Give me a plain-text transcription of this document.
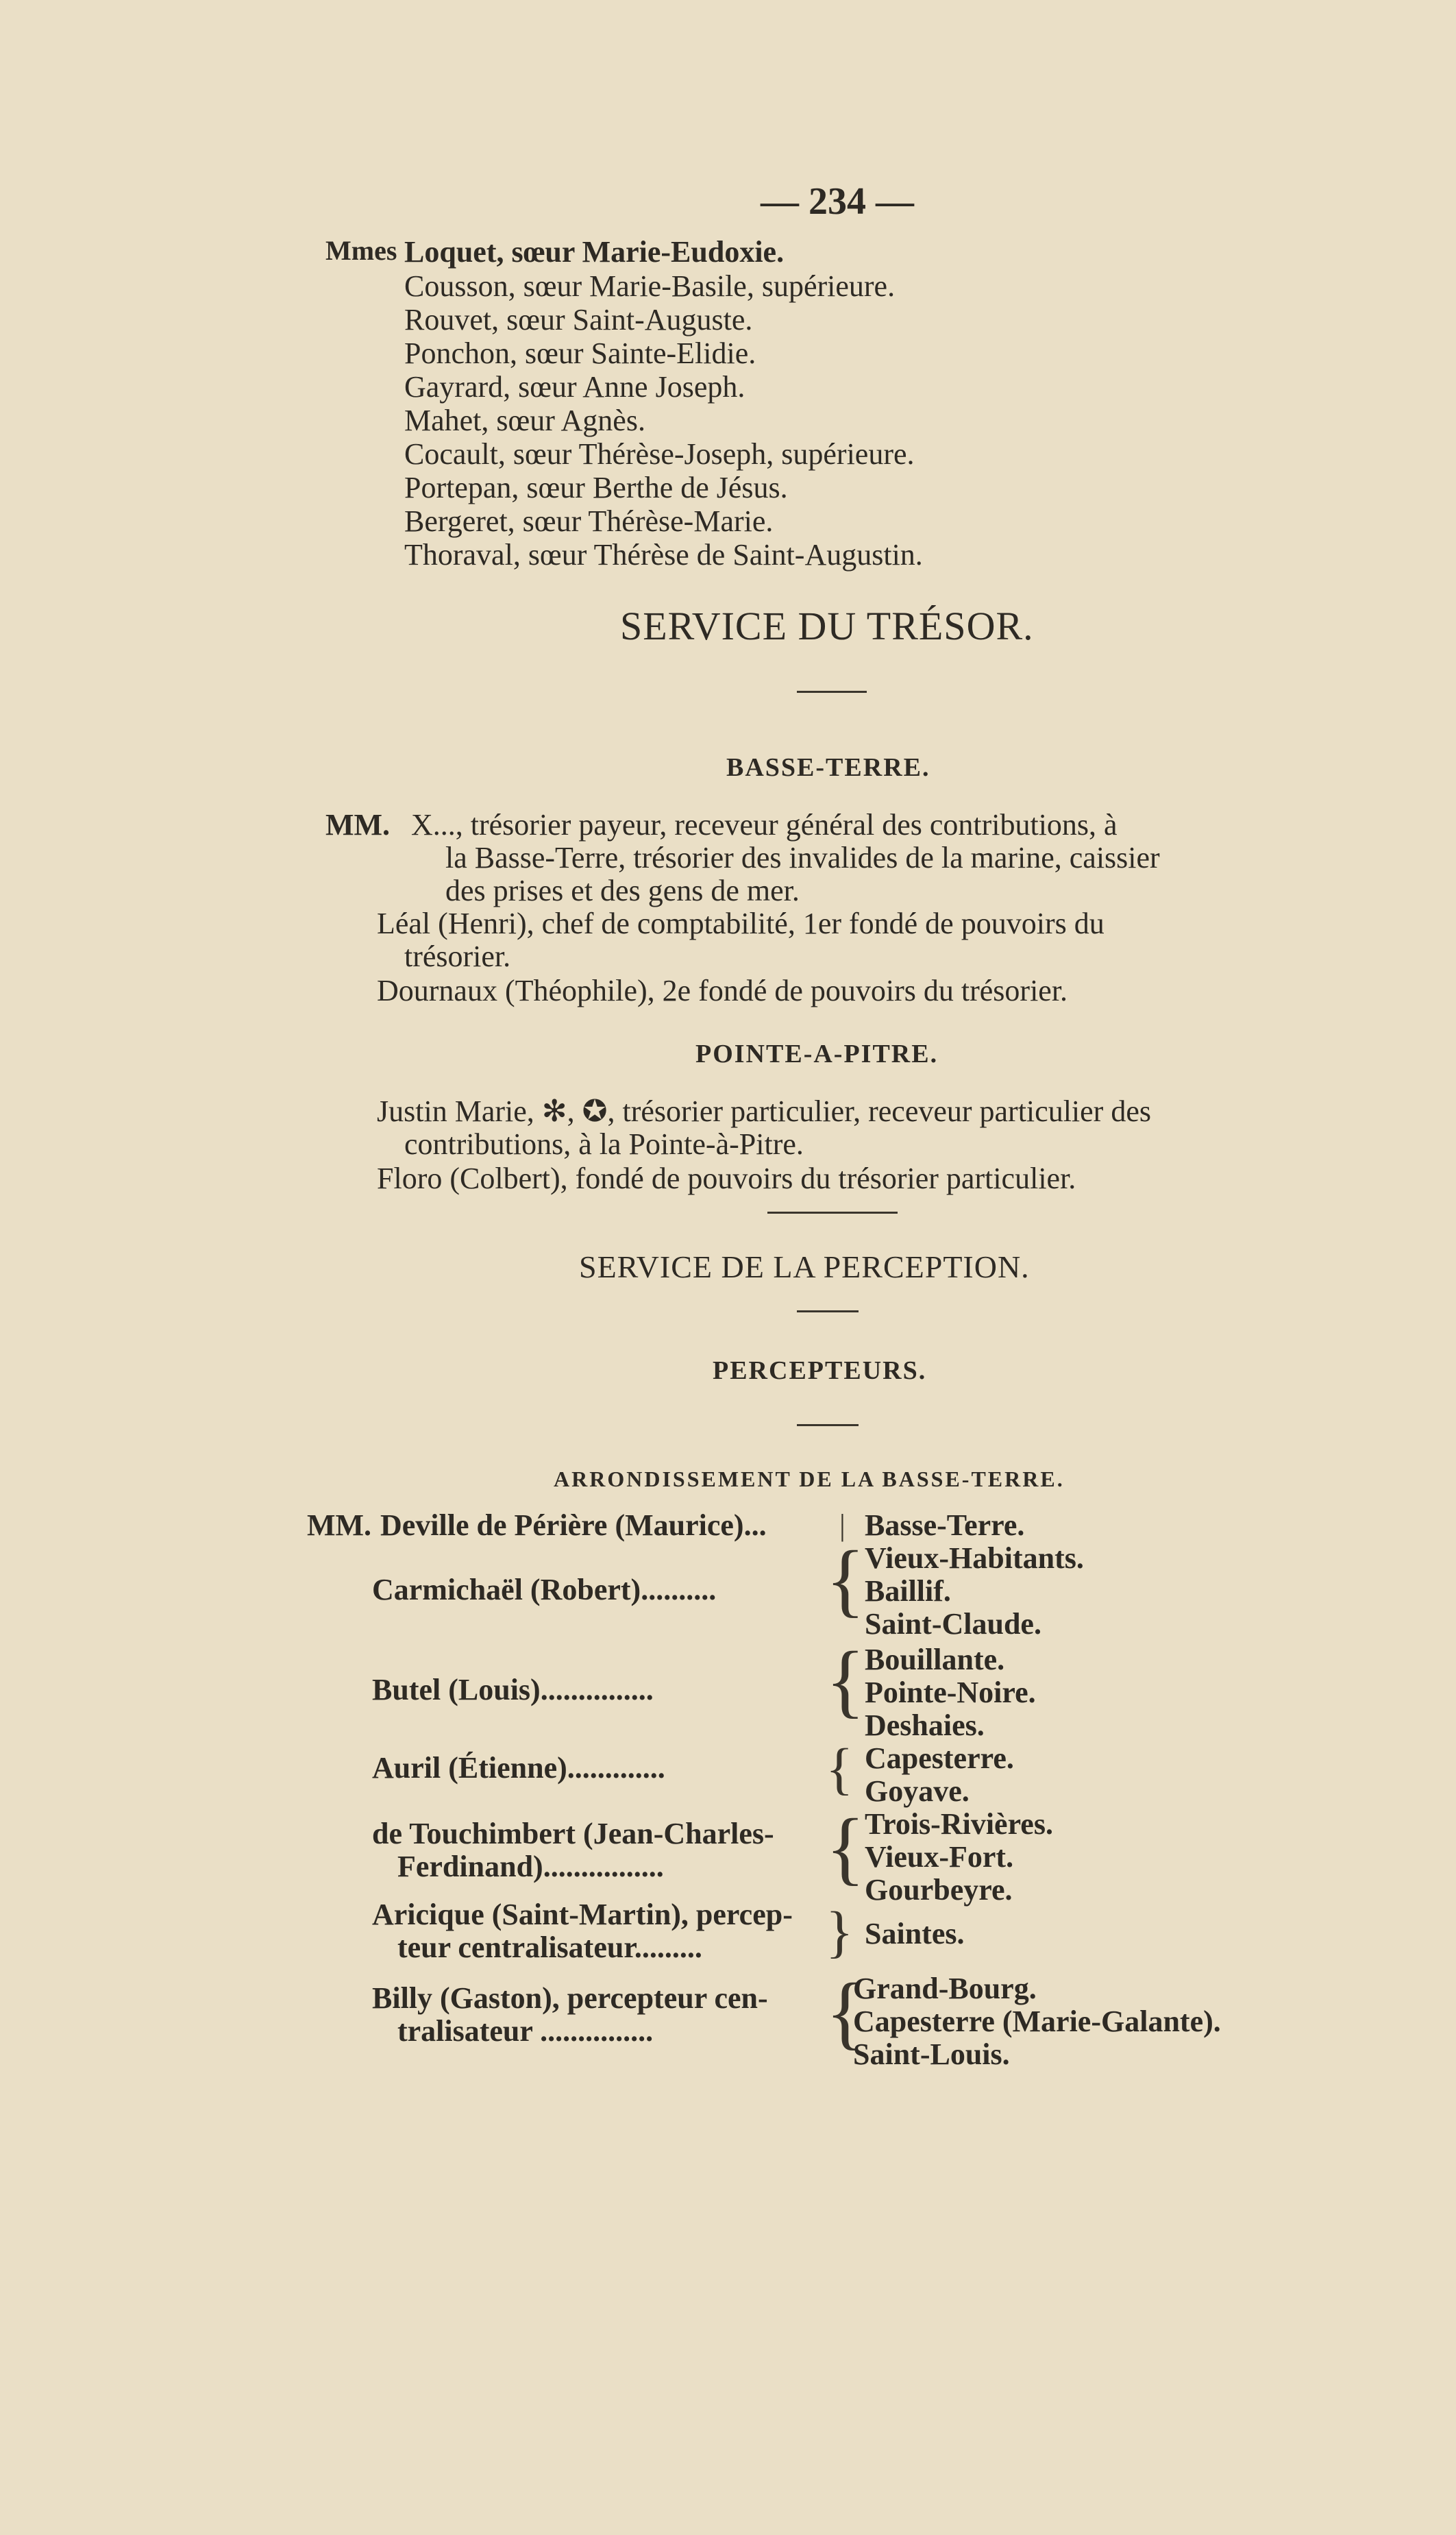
— 234 —
Mmes Loquet, sœur Marie-Eudoxie.
Cousson, sœur Marie-Basile, supérieure.
Rouvet, sœur Saint-Auguste.
Ponchon, sœur Sainte-Elidie.
Gayrard, sœur Anne Joseph.
Mahet, sœur Agnès.
Cocault, sœur Thérèse-Joseph, supérieure.
Portepan, sœur Berthe de Jésus.
Bergeret, sœur Thérèse-Marie.
Thoraval, sœur Thérèse de Saint-Augustin.
SERVICE DU TRÉSOR.
BASSE-TERRE.
MM. X..., trésorier payeur, receveur général des contributions, à
la Basse-Terre, trésorier des invalides de la marine, caissier
des prises et des gens de mer.
Léal (Henri), chef de comptabilité, 1er fondé de pouvoirs du
trésorier.
Dournaux (Théophile), 2e fondé de pouvoirs du trésorier.
POINTE-A-PITRE.
Justin Marie, ✻, ✪, trésorier particulier, receveur particulier des
contributions, à la Pointe-à-Pitre.
Floro (Colbert), fondé de pouvoirs du trésorier particulier.
SERVICE DE LA PERCEPTION.
PERCEPTEURS.
ARRONDISSEMENT DE LA BASSE-TERRE.
MM. Deville de Périère (Maurice)... | Basse-Terre.
Carmichaël (Robert).......... { Vieux-Habitants.
Baillif.
Saint-Claude.
Butel (Louis)............... { Bouillante.
Pointe-Noire.
Deshaies.
Auril (Étienne).............	{ Capesterre.
Goyave.
de Touchimbert (Jean-Charles-
Ferdinand)................ { Trois-Rivières.
Vieux-Fort.
Gourbeyre.
Aricique (Saint-Martin), percep-
teur centralisateur......... } Saintes.
Billy (Gaston), percepteur cen-
tralisateur ............... {
Grand-Bourg.
Capesterre (Marie-Galante).
Saint-Louis.
